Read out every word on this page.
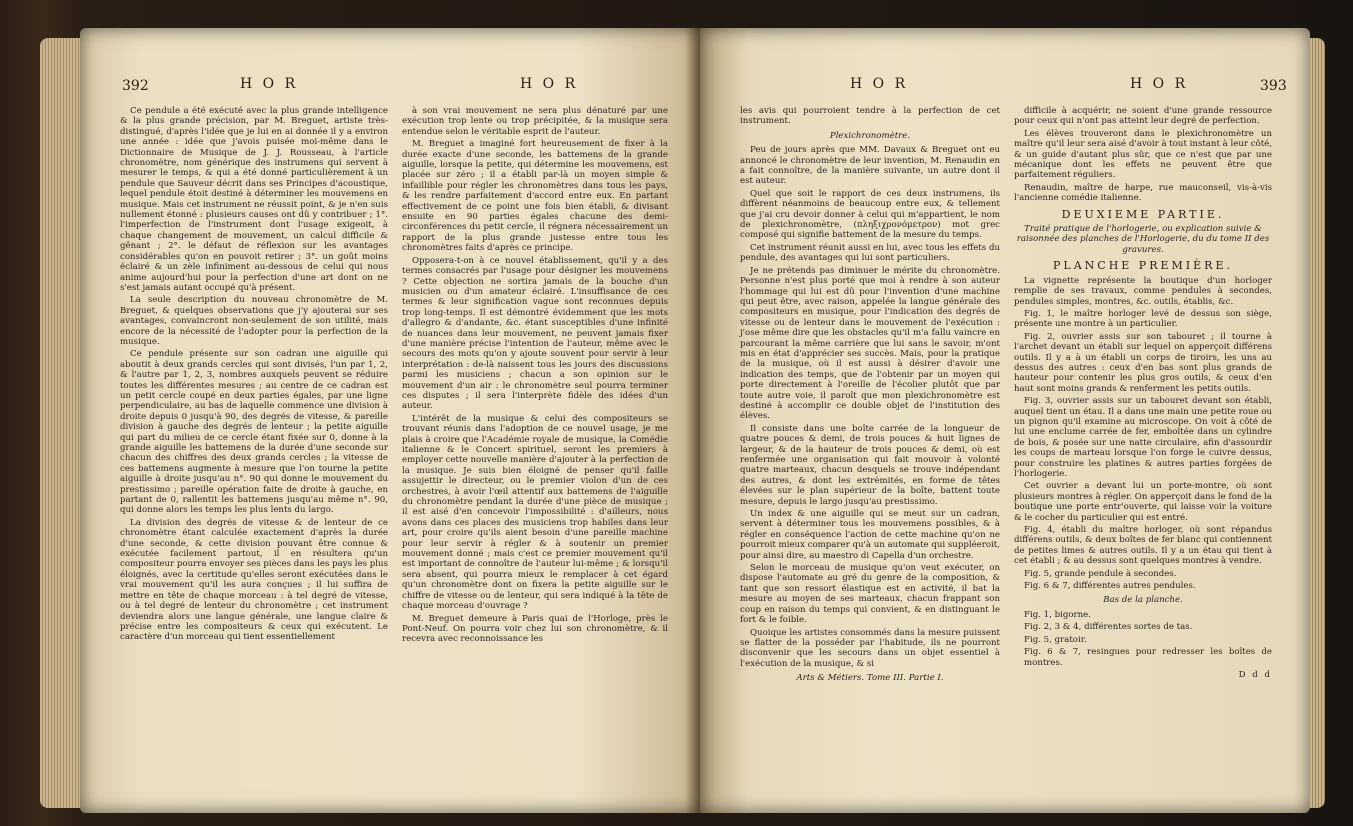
392	H O R	H O R

Ce pendule a été exécuté avec la plus grande intelligence & la plus grande précision, par M. Breguet, artiste très-distingué, d'après l'idée que je lui en ai donnée il y a environ une année : idée que j'avois puisée moi-même dans le Dictionnaire de Musique de J. J. Rousseau, à l'article chronomètre, nom générique des instrumens qui servent à mesurer le temps, & qui a été donné particulièrement à un pendule que Sauveur décrit dans ses Principes d'acoustique, lequel pendule étoit destiné à déterminer les mouvemens en musique. Mais cet instrument ne réussit point, & je n'en suis nullement étonné : plusieurs causes ont dû y contribuer ; 1°. l'imperfection de l'instrument dont l'usage exigeoit, à chaque changement de mouvement, un calcul difficile & gênant ; 2°. le défaut de réflexion sur les avantages considérables qu'on en pouvoit retirer ; 3°. un goût moins éclairé & un zèle infiniment au-dessous de celui qui nous anime aujourd'hui pour la perfection d'une art dont on ne s'est jamais autant occupé qu'à présent.

La seule description du nouveau chronomètre de M. Breguet, & quelques observations que j'y ajouterai sur ses avantages, convaincront non-seulement de son utilité, mais encore de la nécessité de l'adopter pour la perfection de la musique.

Ce pendule présente sur son cadran une aiguille qui aboutit à deux grands cercles qui sont divisés, l'un par 1, 2, & l'autre par 1, 2, 3, nombres auxquels peuvent se réduire toutes les différentes mesures ; au centre de ce cadran est un petit cercle coupé en deux parties égales, par une ligne perpendiculaire, au bas de laquelle commence une division à droite depuis 0 jusqu'à 90, des degrés de vitesse, & pareille division à gauche des degrés de lenteur ; la petite aiguille qui part du milieu de ce cercle étant fixée sur 0, donne à la grande aiguille les battemens de la durée d'une seconde sur chacun des chiffres des deux grands cercles ; la vitesse de ces battemens augmente à mesure que l'on tourne la petite aiguille à droite jusqu'au n°. 90 qui donne le mouvement du prestissimo ; pareille opération faite de droite à gauche, en partant de 0, rallentit les battemens jusqu'au même n°. 90, qui donne alors les temps les plus lents du largo.

La division des degrés de vitesse & de lenteur de ce chronomètre étant calculée exactement d'après la durée d'une seconde, & cette division pouvant être connue & exécutée facilement partout, il en résultera qu'un compositeur pourra envoyer ses pièces dans les pays les plus éloignés, avec la certitude qu'elles seront exécutées dans le vrai mouvement qu'il les aura conçues ; il lui suffira de mettre en tête de chaque morceau : à tel degré de vitesse, ou à tel degré de lenteur du chronomètre ; cet instrument deviendra alors une langue générale, une langue claire & précise entre les compositeurs & ceux qui exécutent. Le caractère d'un morceau qui tient essentiellement

à son vrai mouvement ne sera plus dénaturé par une exécution trop lente ou trop précipitée, & la musique sera entendue selon le véritable esprit de l'auteur.

M. Breguet a imaginé fort heureusement de fixer à la durée exacte d'une seconde, les battemens de la grande aiguille, lorsque la petite, qui détermine les mouvemens, est placée sur zéro ; il a établi par-là un moyen simple & infaillible pour régler les chronomètres dans tous les pays, & les rendre parfaitement d'accord entre eux. En partant effectivement de ce point une fois bien établi, & divisant ensuite en 90 parties égales chacune des demi-circonférences du petit cercle, il régnera nécessairement un rapport de la plus grande justesse entre tous les chronomètres faits d'après ce principe.

Opposera-t-on à ce nouvel établissement, qu'il y a des termes consacrés par l'usage pour désigner les mouvemens ? Cette objection ne sortira jamais de la bouche d'un musicien ou d'un amateur éclairé. L'insuffisance de ces termes & leur signification vague sont reconnues depuis trop long-temps. Il est démontré évidemment que les mots d'allegro & d'andante, &c. étant susceptibles d'une infinité de nuances dans leur mouvement, ne peuvent jamais fixer d'une manière précise l'intention de l'auteur, même avec le secours des mots qu'on y ajoute souvent pour servir à leur interprétation : de-là naissent tous les jours des discussions parmi les musiciens ; chacun a son opinion sur le mouvement d'un air : le chronomètre seul pourra terminer ces disputes ; il sera l'interprète fidèle des idées d'un auteur.

L'intérêt de la musique & celui des compositeurs se trouvant réunis dans l'adoption de ce nouvel usage, je me plais à croire que l'Académie royale de musique, la Comédie italienne & le Concert spirituel, seront les premiers à employer cette nouvelle manière d'ajouter à la perfection de la musique. Je suis bien éloigné de penser qu'il faille assujettir le directeur, ou le premier violon d'un de ces orchestres, à avoir l'œil attentif aux battemens de l'aiguille du chronomètre pendant la durée d'une pièce de musique ; il est aisé d'en concevoir l'impossibilité : d'ailleurs, nous avons dans ces places des musiciens trop habiles dans leur art, pour croire qu'ils aient besoin d'une pareille machine pour leur servir à régler & à soutenir un premier mouvement donné ; mais c'est ce premier mouvement qu'il est important de connoître de l'auteur lui-même ; & lorsqu'il sera absent, qui pourra mieux le remplacer à cet égard qu'un chronomètre dont on fixera la petite aiguille sur le chiffre de vitesse ou de lenteur, qui sera indiqué à la tête de chaque morceau d'ouvrage ?

M. Breguet demeure à Paris quai de l'Horloge, près le Pont-Neuf. On pourra voir chez lui son chronomètre, & il recevra avec reconnoissance les

H O R	H O R	393

les avis qui pourroient tendre à la perfection de cet instrument.

Plexichronomètre.

Peu de jours après que MM. Davaux & Breguet ont eu annoncé le chronomètre de leur invention, M. Renaudin en a fait connoître, de la manière suivante, un autre dont il est auteur.

Quel que soit le rapport de ces deux instrumens, ils diffèrent néanmoins de beaucoup entre eux, & tellement que j'ai cru devoir donner à celui qui m'appartient, le nom de plexichronomètre, (πληξιχρονόμετρον) mot grec composé qui signifie battement de la mesure du temps.

Cet instrument réunit aussi en lui, avec tous les effets du pendule, des avantages qui lui sont particuliers.

Je ne prétends pas diminuer le mérite du chronomètre. Personne n'est plus porté que moi à rendre à son auteur l'hommage qui lui est dû pour l'invention d'une machine qui peut être, avec raison, appelée la langue générale des compositeurs en musique, pour l'indication des degrés de vitesse ou de lenteur dans le mouvement de l'exécution : j'ose même dire que les obstacles qu'il m'a fallu vaincre en parcourant la même carrière que lui sans le savoir, m'ont mis en état d'apprécier ses succès. Mais, pour la pratique de la musique, où il est aussi à désirer d'avoir une indication des temps, que de l'obtenir par un moyen qui porte directement à l'oreille de l'écolier plutôt que par toute autre voie, il paroît que mon plexichronomètre est destiné à accomplir ce double objet de l'institution des élèves.

Il consiste dans une boîte carrée de la longueur de quatre pouces & demi, de trois pouces & huit lignes de largeur, & de la hauteur de trois pouces & demi, où est renfermée une organisation qui fait mouvoir à volonté quatre marteaux, chacun desquels se trouve indépendant des autres, & dont les extrémités, en forme de têtes élevées sur le plan supérieur de la boîte, battent toute mesure, depuis le largo jusqu'au prestissimo.

Un index & une aiguille qui se meut sur un cadran, servent à déterminer tous les mouvemens possibles, & à régler en conséquence l'action de cette machine qu'on ne pourroit mieux comparer qu'à un automate qui suppléeroit, pour ainsi dire, au maestro di Capella d'un orchestre.

Selon le morceau de musique qu'on veut exécuter, on dispose l'automate au gré du genre de la composition, & tant que son ressort élastique est en activité, il bat la mesure au moyen de ses marteaux, chacun frappant son coup en raison du temps qui convient, & en distinguant le fort & le foible.

Quoique les artistes consommés dans la mesure puissent se flatter de la posséder par l'habitude, ils ne pourront disconvenir que les secours dans un objet essentiel à l'exécution de la musique, & si

Arts & Métiers. Tome III. Partie I.

difficile à acquérir, ne soient d'une grande ressource pour ceux qui n'ont pas atteint leur degré de perfection.

Les élèves trouveront dans le plexichronomètre un maître qu'il leur sera aisé d'avoir à tout instant à leur côté, & un guide d'autant plus sûr, que ce n'est que par une mécanique dont les effets ne peuvent être que parfaitement réguliers.

Renaudin, maître de harpe, rue mauconseil, vis-à-vis l'ancienne comédie italienne.

DEUXIEME PARTIE.
Traité pratique de l'horlogerie, ou explication suivie & raisonnée des planches de l'Horlogerie, du du tome II des gravures.
PLANCHE PREMIÈRE.

La vignette représente la boutique d'un horloger remplie de ses travaux, comme pendules à secondes, pendules simples, montres, &c. outils, établis, &c.

Fig. 1, le maître horloger levé de dessus son siège, présente une montre à un particulier.

Fig. 2, ouvrier assis sur son tabouret ; il tourne à l'archet devant un établi sur lequel on apperçoit différens outils. Il y a à un établi un corps de tiroirs, les uns au dessus des autres : ceux d'en bas sont plus grands de hauteur pour contenir les plus gros outils, & ceux d'en haut sont moins grands & renferment les petits outils.

Fig. 3, ouvrier assis sur un tabouret devant son établi, auquel tient un étau. Il a dans une main une petite roue ou un pignon qu'il examine au microscope. On voit à côté de lui une enclume carrée de fer, emboîtée dans un cylindre de bois, & posée sur une natte circulaire, afin d'assourdir les coups de marteau lorsque l'on forge le cuivre dessus, pour construire les platines & autres parties forgées de l'horlogerie.

Cet ouvrier a devant lui un porte-montre, où sont plusieurs montres à régler. On apperçoit dans le fond de la boutique une porte entr'ouverte, qui laisse voir la voiture & le cocher du particulier qui est entré.

Fig. 4, établi du maître horloger, où sont répandus différens outils, & deux boîtes de fer blanc qui contiennent de petites limes & autres outils. Il y a un étau qui tient à cet établi ; & au dessus sont quelques montres à vendre.

Fig. 5, grande pendule à secondes.

Fig. 6 & 7, différentes autres pendules.

Bas de la planche.

Fig. 1, bigorne.

Fig. 2, 3 & 4, différentes sortes de tas.

Fig. 5, gratoir.

Fig. 6 & 7, resingues pour redresser les boîtes de montres.

D d d
